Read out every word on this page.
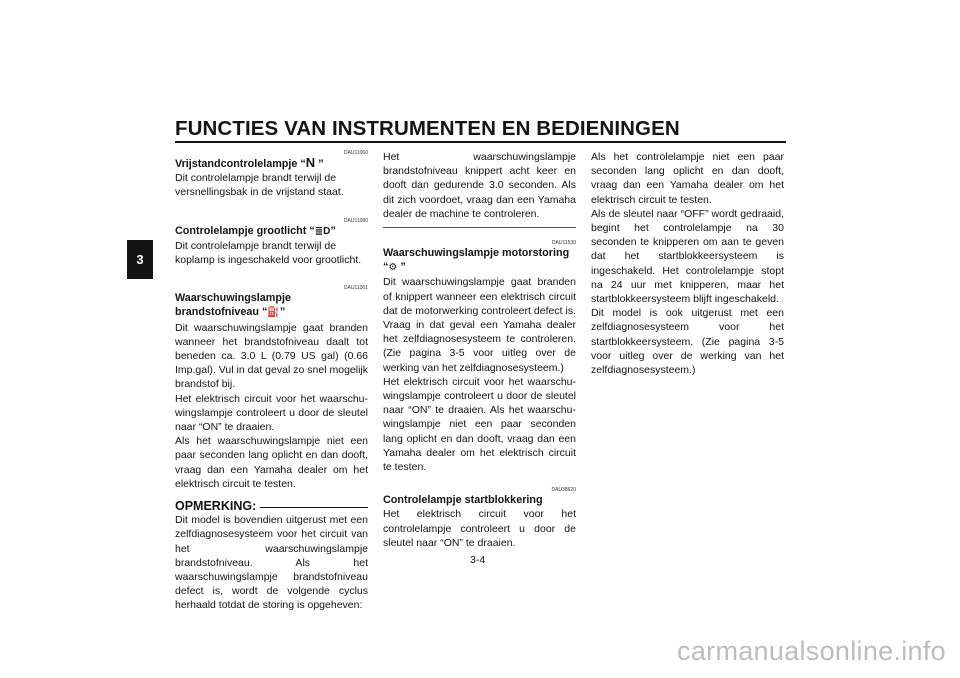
FUNCTIES VAN INSTRUMENTEN EN BEDIENINGEN
3
DAU11060

Vrijstandcontrolelampje “N ”

Dit controlelampje brandt terwijl de versnellingsbak in de vrijstand staat.

DAU11080

Controlelampje grootlicht “≣D”

Dit controlelampje brandt terwijl de koplamp is ingeschakeld voor grootlicht.

DAU11361

Waarschuwingslampje brandstofniveau “⛽”

Dit waarschuwingslampje gaat branden wanneer het brandstofniveau daalt tot beneden ca. 3.0 L (0.79 US gal) (0.66 Imp.gal). Vul in dat geval zo snel mogelijk brandstof bij.

Het elektrisch circuit voor het waarschuwingslampje controleert u door de sleutel naar “ON” te draaien.

Als het waarschuwingslampje niet een paar seconden lang oplicht en dan dooft, vraag dan een Yamaha dealer om het elektrisch circuit te testen.

OPMERKING:

Dit model is bovendien uitgerust met een zelfdiagnosesysteem voor het circuit van het waarschuwingslampje brandstofniveau. Als het waarschuwingslampje brandstofniveau defect is, wordt de volgende cyclus herhaald totdat de storing is opgeheven:

Het waarschuwingslampje brandstofniveau knippert acht keer en dooft dan gedurende 3.0 seconden. Als dit zich voordoet, vraag dan een Yamaha dealer de machine te controleren.

DAU11530

Waarschuwingslampje motorstoring “⚙ ”

Dit waarschuwingslampje gaat branden of knippert wanneer een elektrisch circuit dat de motorwerking controleert defect is. Vraag in dat geval een Yamaha dealer het zelfdiagnosesysteem te controleren. (Zie pagina 3-5 voor uitleg over de werking van het zelfdiagnosesysteem.)

Het elektrisch circuit voor het waarschuwingslampje controleert u door de sleutel naar “ON” te draaien. Als het waarschuwingslampje niet een paar seconden lang oplicht en dan dooft, vraag dan een Yamaha dealer om het elektrisch circuit te testen.

DAU38620

Controlelampje startblokkering

Het elektrisch circuit voor het controlelampje controleert u door de sleutel naar “ON” te draaien.

Als het controlelampje niet een paar seconden lang oplicht en dan dooft, vraag dan een Yamaha dealer om het elektrisch circuit te testen.

Als de sleutel naar “OFF” wordt gedraaid, begint het controlelampje na 30 seconden te knipperen om aan te geven dat het startblokkeersysteem is ingeschakeld. Het controlelampje stopt na 24 uur met knipperen, maar het startblokkeersysteem blijft ingeschakeld.

Dit model is ook uitgerust met een zelfdiagnosesysteem voor het startblokkeersysteem. (Zie pagina 3-5 voor uitleg over de werking van het zelfdiagnosesysteem.)

3-4
carmanualsonline.info
